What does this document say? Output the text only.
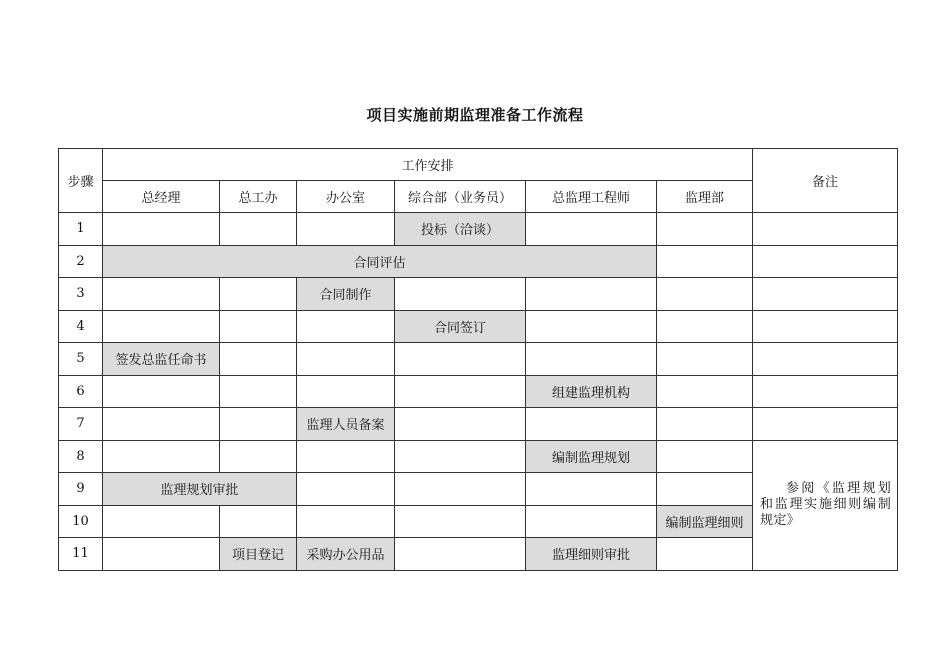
项目实施前期监理准备工作流程
步骤	工作安排						备注
	总经理	总工办	办公室	综合部（业务员）	总监理工程师	监理部	
1				投标（洽谈）			
2	合同评估						
3			合同制作				
4				合同签订			
5	签发总监任命书						
6					组建监理机构		
7			监理人员备案				
8					编制监理规划		参阅《监理规划和监理实施细则编制规定》

9	监理规划审批						
10						编制监理细则	
11		项目登记	采购办公用品		监理细则审批		
